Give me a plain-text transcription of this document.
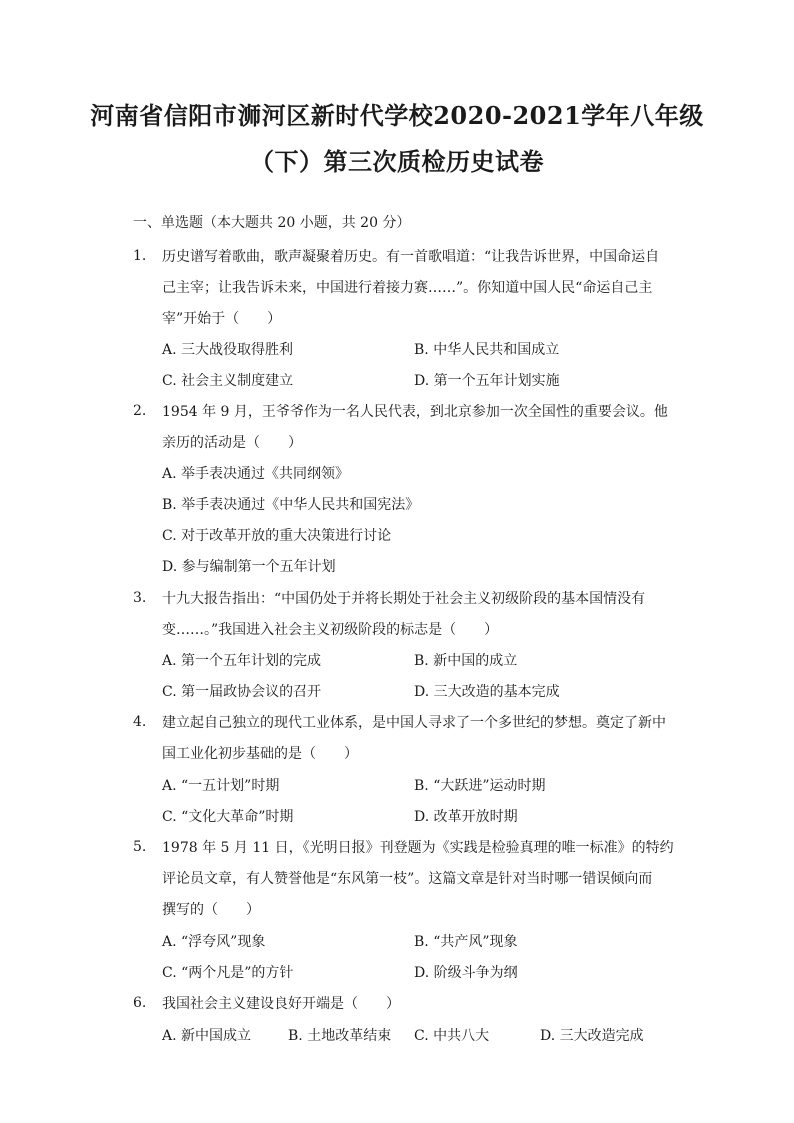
河南省信阳市浉河区新时代学校2020-2021学年八年级
（下）第三次质检历史试卷
一、单选题（本大题共 20 小题，共 20 分）
1. 历史谱写着歌曲，歌声凝聚着历史。有一首歌唱道：“让我告诉世界，中国命运自
己主宰；让我告诉未来，中国进行着接力赛……”。你知道中国人民“命运自己主
宰”开始于（　　）
A. 三大战役取得胜利	B. 中华人民共和国成立
C. 社会主义制度建立	D. 第一个五年计划实施
2. 1954 年 9 月，王爷爷作为一名人民代表，到北京参加一次全国性的重要会议。他
亲历的活动是（　　）
A. 举手表决通过《共同纲领》
B. 举手表决通过《中华人民共和国宪法》
C. 对于改革开放的重大决策进行讨论
D. 参与编制第一个五年计划
3. 十九大报告指出：“中国仍处于并将长期处于社会主义初级阶段的基本国情没有
变……。”我国进入社会主义初级阶段的标志是（　　）
A. 第一个五年计划的完成	B. 新中国的成立
C. 第一届政协会议的召开	D. 三大改造的基本完成
4. 建立起自己独立的现代工业体系，是中国人寻求了一个多世纪的梦想。奠定了新中
国工业化初步基础的是（　　）
A. “一五计划”时期	B. “大跃进”运动时期
C. “文化大革命”时期	D. 改革开放时期
5. 1978 年 5 月 11 日，《光明日报》刊登题为《实践是检验真理的唯一标准》的特约
评论员文章，有人赞誉他是“东风第一枝”。这篇文章是针对当时哪一错误倾向而
撰写的（　　）
A. “浮夸风”现象	B. “共产风”现象
C. “两个凡是”的方针	D. 阶级斗争为纲
6. 我国社会主义建设良好开端是（　　）
A. 新中国成立	B. 土地改革结束 C. 中共八大	D. 三大改造完成
